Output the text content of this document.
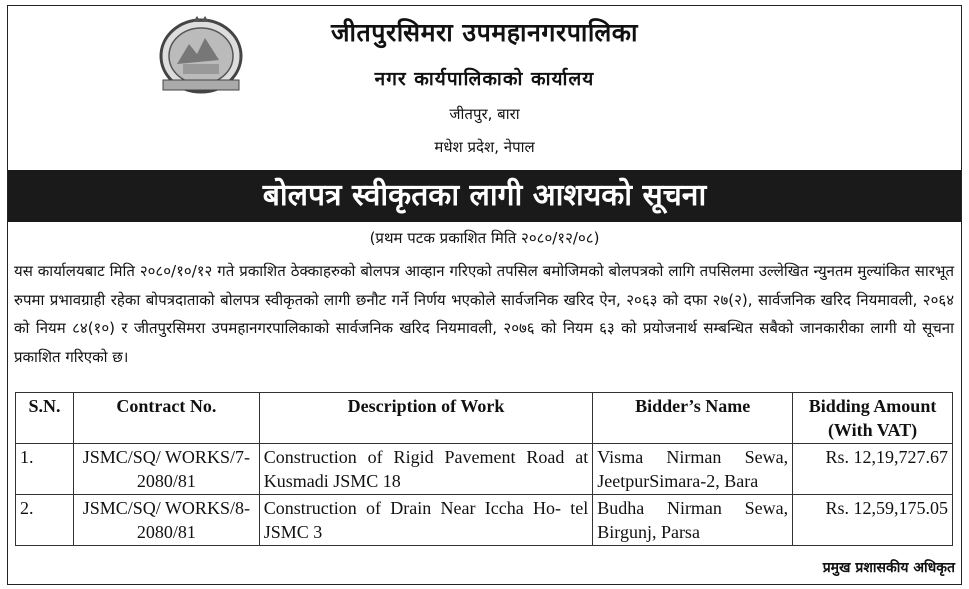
जीतपुरसिमरा उपमहानगरपालिका
नगर कार्यपालिकाको कार्यालय
जीतपुर, बारा
मधेश प्रदेश, नेपाल
बोलपत्र स्वीकृतका लागी आशयको सूचना
(प्रथम पटक प्रकाशित मिति २०८०/१२/०८)
यस कार्यालयबाट मिति २०८०/१०/१२ गते प्रकाशित ठेक्काहरुको बोलपत्र आव्हान गरिएको तपसिल बमोजिमको बोलपत्रको लागि तपसिलमा उल्लेखित न्युनतम मुल्यांकित सारभूत रुपमा प्रभावग्राही रहेका बोपत्रदाताको बोलपत्र स्वीकृतको लागी छनौट गर्ने निर्णय भएकोले सार्वजनिक खरिद ऐन, २०६३ को दफा २७(२), सार्वजनिक खरिद नियमावली, २०६४ को नियम ८४(१०) र जीतपुरसिमरा उपमहानगरपालिकाको सार्वजनिक खरिद नियमावली, २०७६ को नियम ६३ को प्रयोजनार्थ सम्बन्धित सबैको जानकारीका लागी यो सूचना प्रकाशित गरिएको छ।
S.N.	Contract No.	Description of Work	Bidder’s Name	Bidding Amount (With VAT)
1.	JSMC/SQ/ WORKS/7-2080/81	Construction of Rigid Pavement Road at Kusmadi JSMC 18	Visma Nirman Sewa, JeetpurSimara-2, Bara	Rs. 12,19,727.67
2.	JSMC/SQ/ WORKS/8-2080/81	Construction of Drain Near Iccha Ho- tel JSMC 3	Budha Nirman Sewa, Birgunj, Parsa	Rs. 12,59,175.05
प्रमुख प्रशासकीय अधिकृत
